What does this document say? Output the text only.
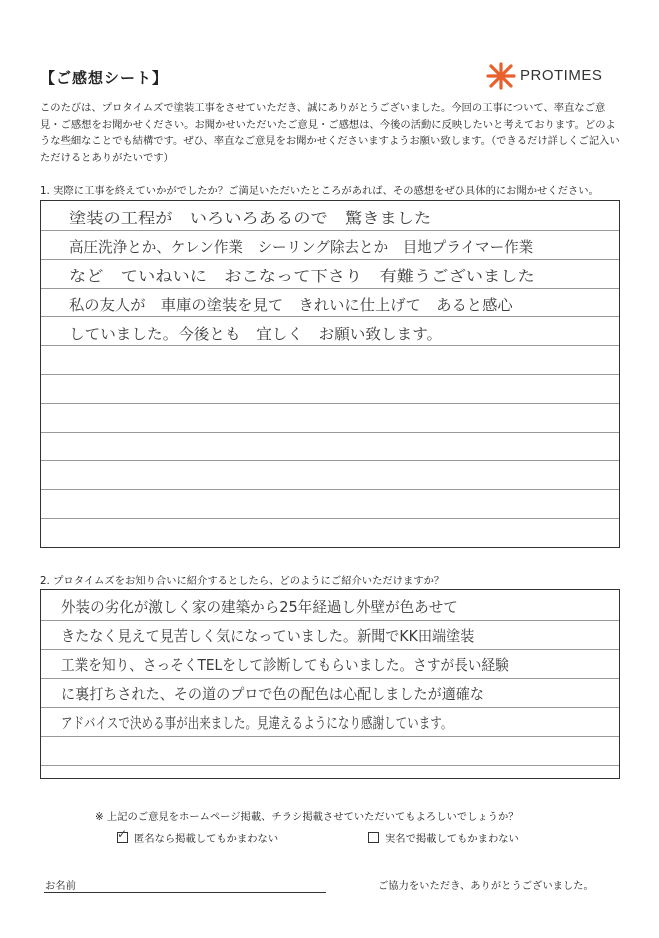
【ご感想シート】	PROTIMES
このたびは、プロタイムズで塗装工事をさせていただき、誠にありがとうございました。今回の工事について、率直なご意見・ご感想をお聞かせください。お聞かせいただいたご意見・ご感想は、今後の活動に反映したいと考えております。どのような些細なことでも結構です。ぜひ、率直なご意見をお聞かせくださいますようお願い致します。（できるだけ詳しくご記入いただけるとありがたいです）
1. 実際に工事を終えていかがでしたか？ご満足いただいたところがあれば、その感想をぜひ具体的にお聞かせください。
塗装の工程が　いろいろあるので　驚きました
高圧洗浄とか、ケレン作業　シーリング除去とか　目地プライマー作業
など　ていねいに　おこなって下さり　有難うございました
私の友人が　車庫の塗装を見て　きれいに仕上げて　あると感心
していました。今後とも　宜しく　お願い致します。
2. プロタイムズをお知り合いに紹介するとしたら、どのようにご紹介いただけますか？
外装の劣化が激しく家の建築から25年経過し外壁が色あせて
きたなく見えて見苦しく気になっていました。新聞でKK田端塗装
工業を知り、さっそくTELをして診断してもらいました。さすが長い経験
に裏打ちされた、その道のプロで色の配色は心配しましたが適確な
アドバイスで決める事が出来ました。見違えるようになり感謝しています。
※ 上記のご意見をホームページ掲載、チラシ掲載させていただいてもよろしいでしょうか？
✓ 匿名なら掲載してもかまわない	実名で掲載してもかまわない
お名前	ご協力をいただき、ありがとうございました。
